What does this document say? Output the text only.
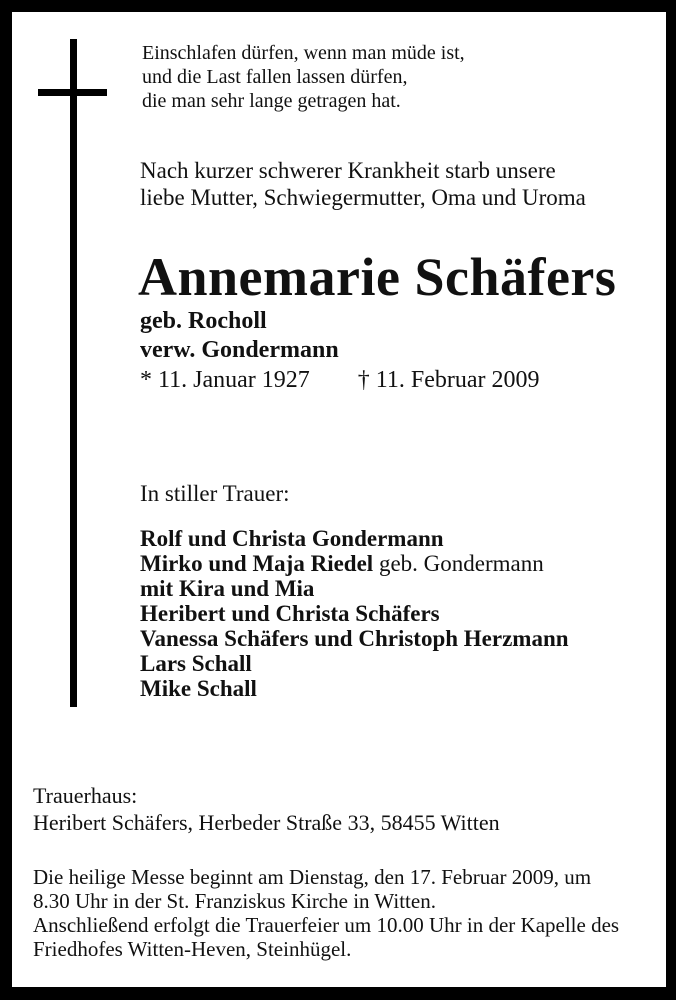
Einschlafen dürfen, wenn man müde ist,
und die Last fallen lassen dürfen,
die man sehr lange getragen hat.
Nach kurzer schwerer Krankheit starb unsere
liebe Mutter, Schwiegermutter, Oma und Uroma
Annemarie Schäfers
geb. Rocholl
verw. Gondermann
* 11. Januar 1927 † 11. Februar 2009
In stiller Trauer:
Rolf und Christa Gondermann
Mirko und Maja Riedel geb. Gondermann
mit Kira und Mia
Heribert und Christa Schäfers
Vanessa Schäfers und Christoph Herzmann
Lars Schall
Mike Schall
Trauerhaus:
Heribert Schäfers, Herbeder Straße 33, 58455 Witten
Die heilige Messe beginnt am Dienstag, den 17. Februar 2009, um
8.30 Uhr in der St. Franziskus Kirche in Witten.
Anschließend erfolgt die Trauerfeier um 10.00 Uhr in der Kapelle des
Friedhofes Witten-Heven, Steinhügel.
